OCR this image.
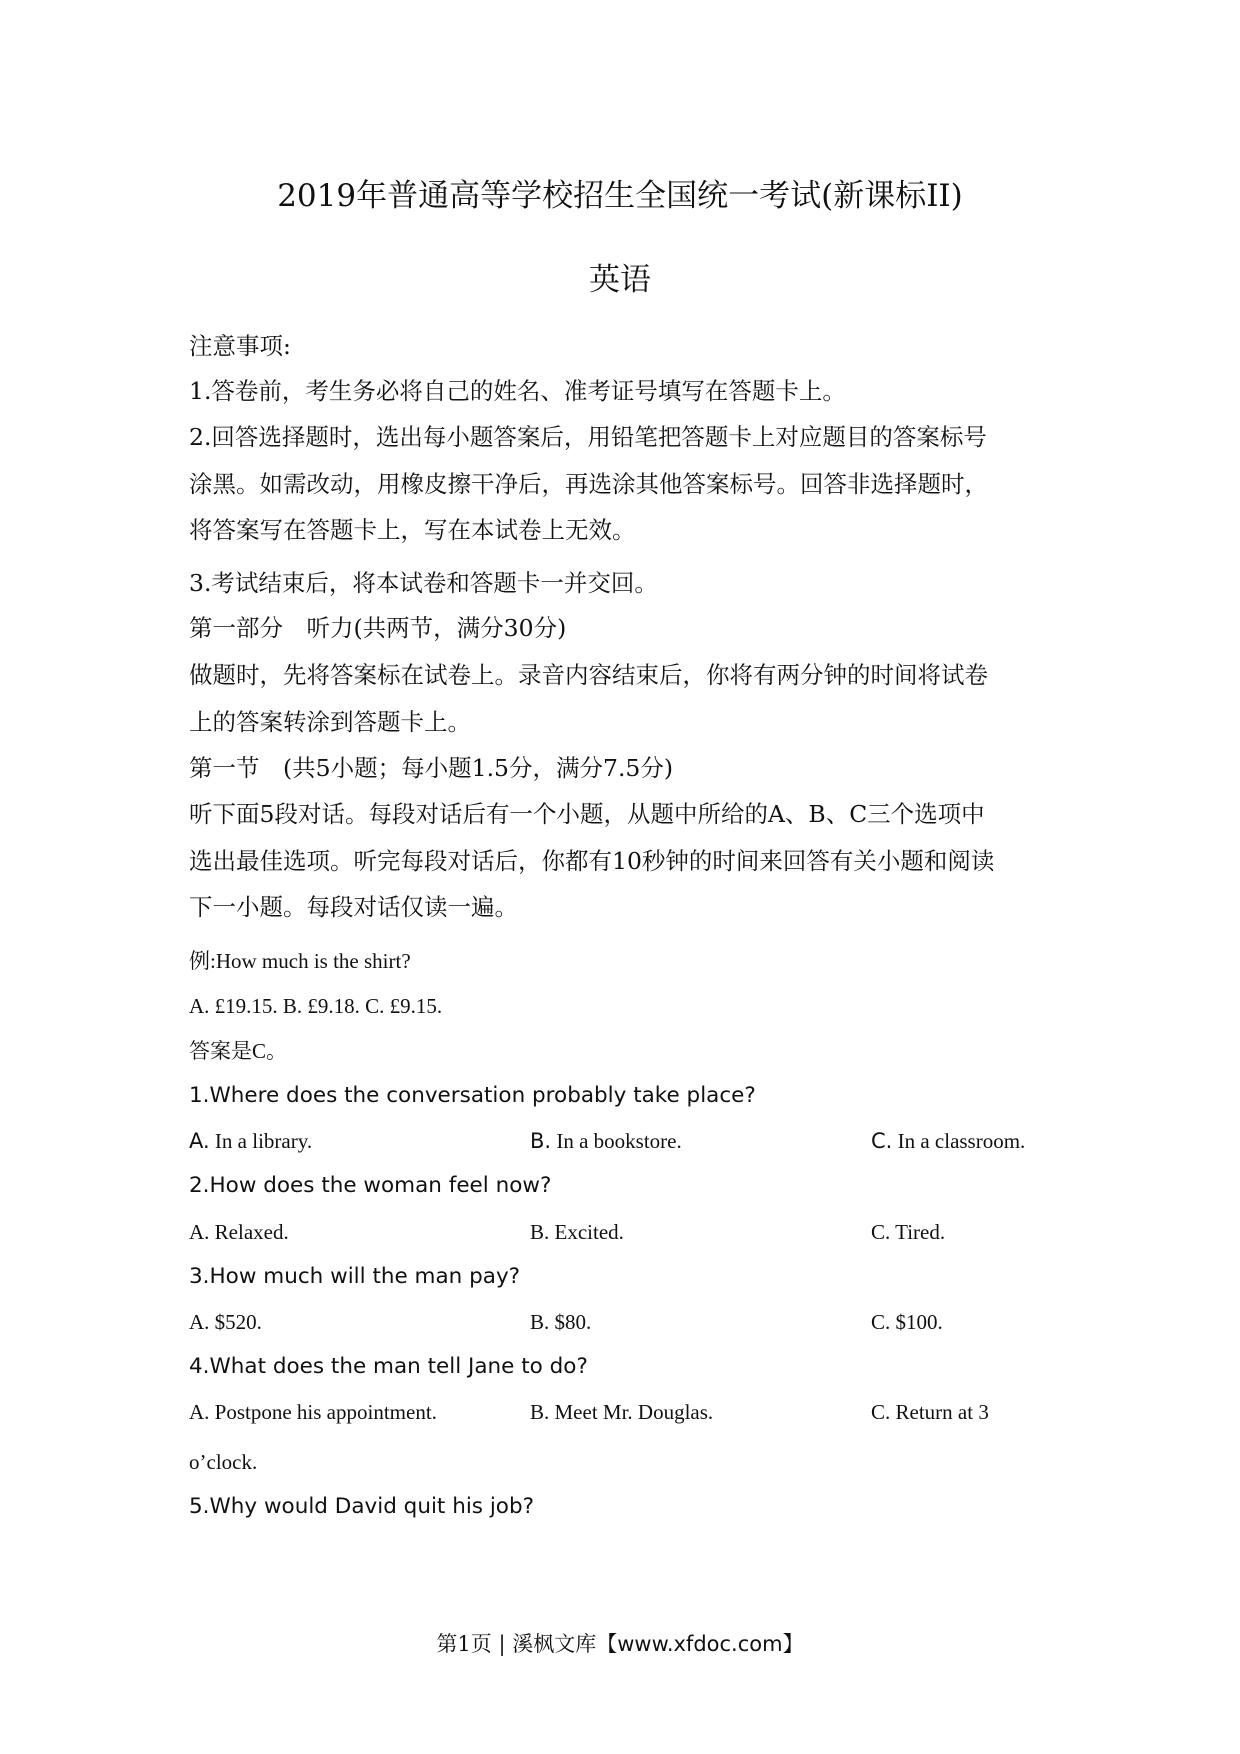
2019年普通高等学校招生全国统一考试(新课标II)
英语
注意事项:
1.答卷前，考生务必将自己的姓名、准考证号填写在答题卡上。
2.回答选择题时，选出每小题答案后，用铅笔把答题卡上对应题目的答案标号
涂黑。如需改动，用橡皮擦干净后，再选涂其他答案标号。回答非选择题时，
将答案写在答题卡上，写在本试卷上无效。
3.考试结束后，将本试卷和答题卡一并交回。
第一部分　听力(共两节，满分30分)
做题时，先将答案标在试卷上。录音内容结束后，你将有两分钟的时间将试卷
上的答案转涂到答题卡上。
第一节　(共5小题；每小题1.5分，满分7.5分)
听下面5段对话。每段对话后有一个小题，从题中所给的A、B、C三个选项中
选出最佳选项。听完每段对话后，你都有10秒钟的时间来回答有关小题和阅读
下一小题。每段对话仅读一遍。
例:How much is the shirt?
A. £19.15. B. £9.18. C. £9.15.
答案是C。
1.Where does the conversation probably take place?
A. In a library.	B. In a bookstore.	C. In a classroom.
2.How does the woman feel now?
A. Relaxed.	B. Excited.	C. Tired.
3.How much will the man pay?
A. $520.	B. $80.	C. $100.
4.What does the man tell Jane to do?
A. Postpone his appointment.	B. Meet Mr. Douglas.	C. Return at 3
o’clock.
5.Why would David quit his job?
第1页 | 溪枫文库【www.xfdoc.com】
